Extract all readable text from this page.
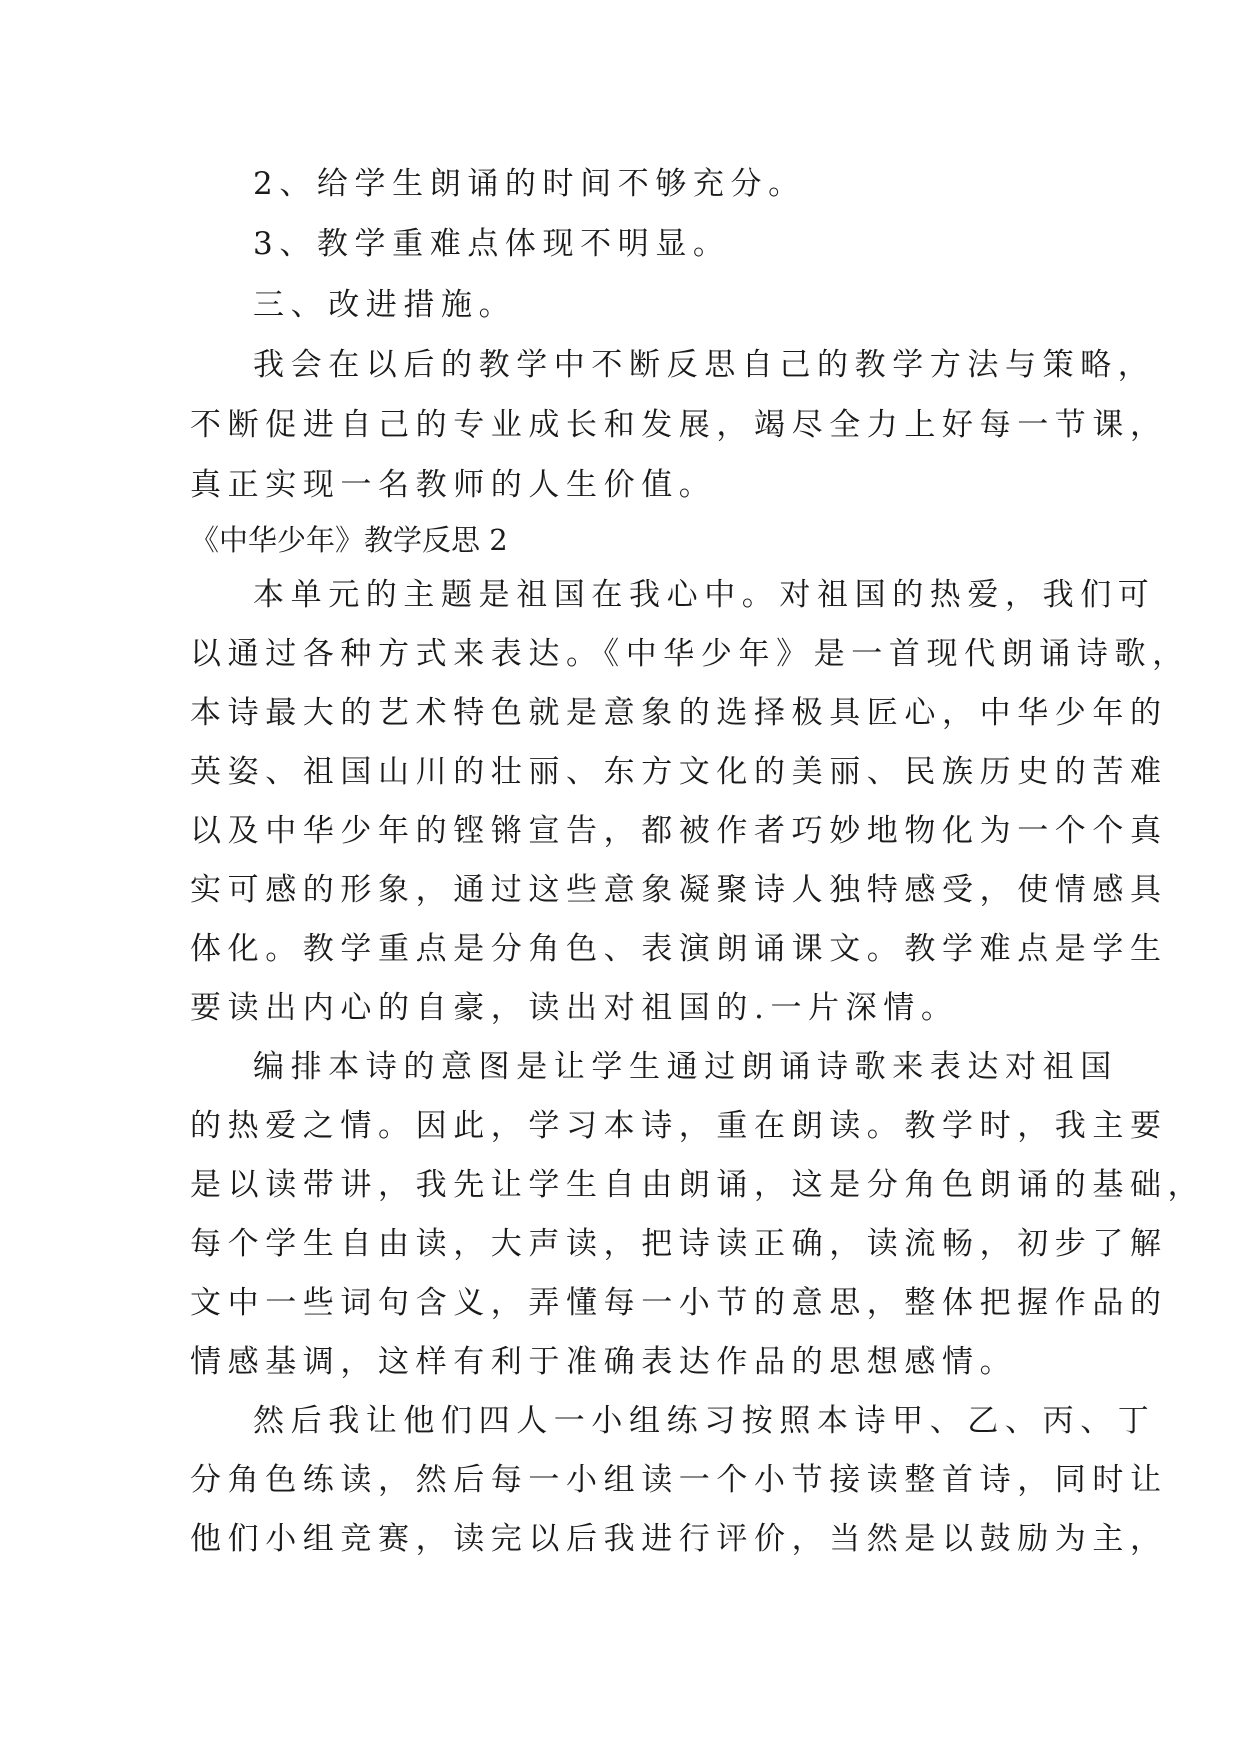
2、给学生朗诵的时间不够充分。
3、教学重难点体现不明显。
三、改进措施。
我会在以后的教学中不断反思自己的教学方法与策略，
不断促进自己的专业成长和发展，竭尽全力上好每一节课，
真正实现一名教师的人生价值。
《中华少年》教学反思 2
本单元的主题是祖国在我心中。对祖国的热爱，我们可
以通过各种方式来表达。《中华少年》是一首现代朗诵诗歌，
本诗最大的艺术特色就是意象的选择极具匠心，中华少年的
英姿、祖国山川的壮丽、东方文化的美丽、民族历史的苦难
以及中华少年的铿锵宣告，都被作者巧妙地物化为一个个真
实可感的形象，通过这些意象凝聚诗人独特感受，使情感具
体化。教学重点是分角色、表演朗诵课文。教学难点是学生
要读出内心的自豪，读出对祖国的.一片深情。
编排本诗的意图是让学生通过朗诵诗歌来表达对祖国
的热爱之情。因此，学习本诗，重在朗读。教学时，我主要
是以读带讲，我先让学生自由朗诵，这是分角色朗诵的基础，
每个学生自由读，大声读，把诗读正确，读流畅，初步了解
文中一些词句含义，弄懂每一小节的意思，整体把握作品的
情感基调，这样有利于准确表达作品的思想感情。
然后我让他们四人一小组练习按照本诗甲、乙、丙、丁
分角色练读，然后每一小组读一个小节接读整首诗，同时让
他们小组竞赛，读完以后我进行评价，当然是以鼓励为主，
